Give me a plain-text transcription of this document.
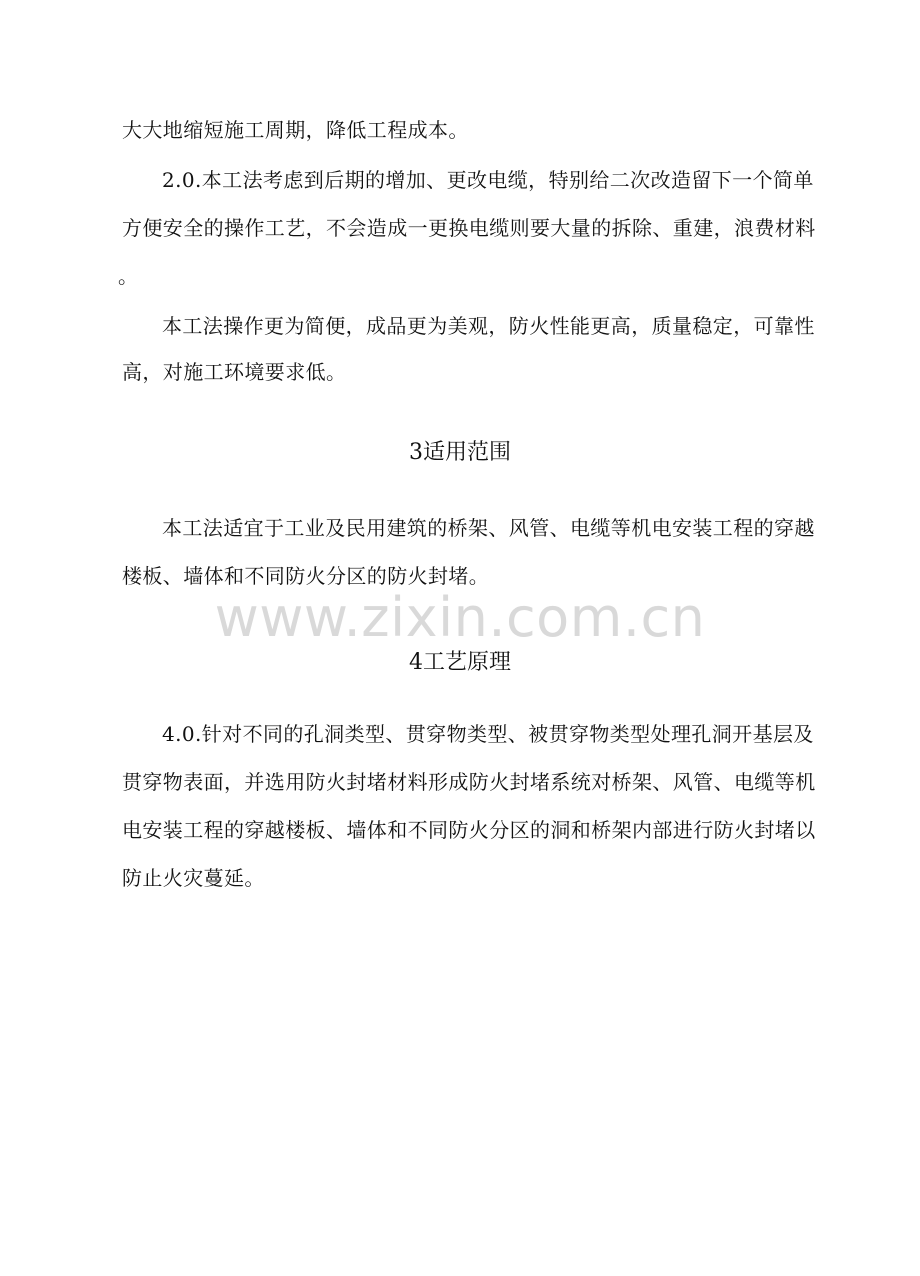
大大地缩短施工周期，降低工程成本。
2.0.本工法考虑到后期的增加、更改电缆，特别给二次改造留下一个简单
方便安全的操作工艺，不会造成一更换电缆则要大量的拆除、重建，浪费材料
。
本工法操作更为简便，成品更为美观，防火性能更高，质量稳定，可靠性
高，对施工环境要求低。
3适用范围
本工法适宜于工业及民用建筑的桥架、风管、电缆等机电安装工程的穿越
楼板、墙体和不同防火分区的防火封堵。
www.zixin.com.cn
4工艺原理
4.0.针对不同的孔洞类型、贯穿物类型、被贯穿物类型处理孔洞开基层及
贯穿物表面，并选用防火封堵材料形成防火封堵系统对桥架、风管、电缆等机
电安装工程的穿越楼板、墙体和不同防火分区的洞和桥架内部进行防火封堵以
防止火灾蔓延。
